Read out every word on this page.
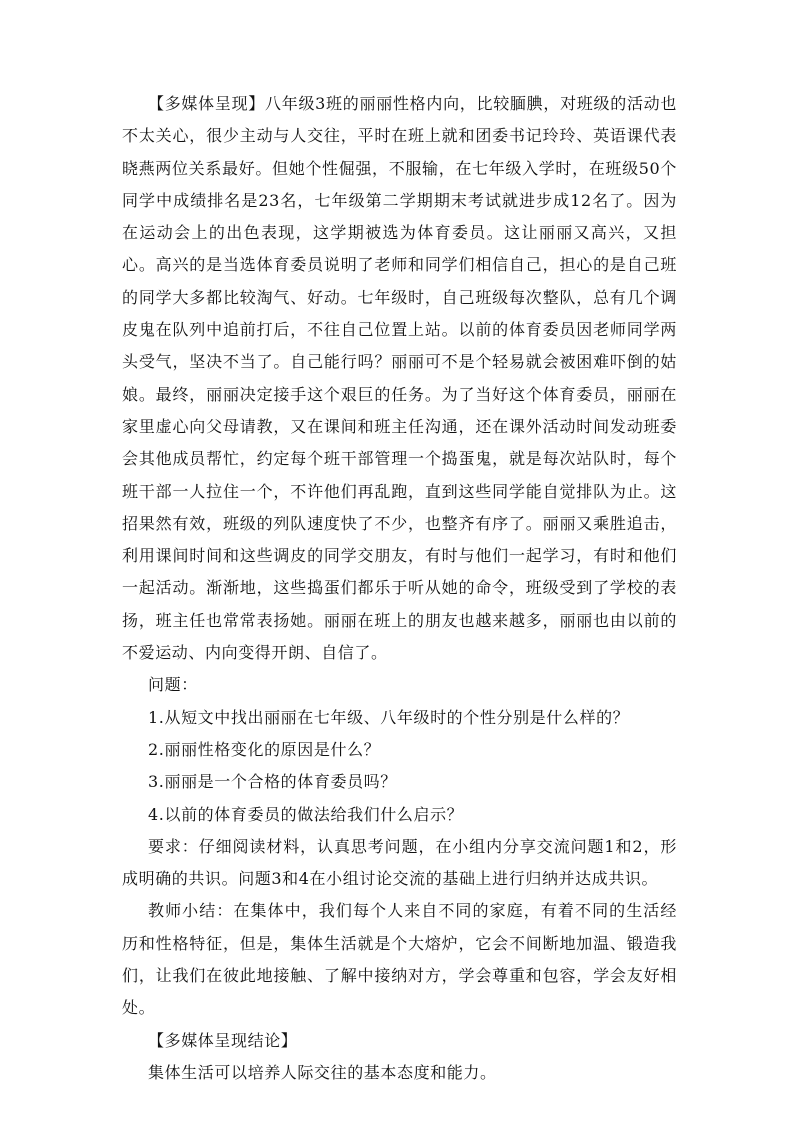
【多媒体呈现】八年级3班的丽丽性格内向，比较腼腆，对班级的活动也不太关心，很少主动与人交往，平时在班上就和团委书记玲玲、英语课代表晓燕两位关系最好。但她个性倔强，不服输，在七年级入学时，在班级50个同学中成绩排名是23名，七年级第二学期期末考试就进步成12名了。因为在运动会上的出色表现，这学期被选为体育委员。这让丽丽又高兴，又担心。高兴的是当选体育委员说明了老师和同学们相信自己，担心的是自己班的同学大多都比较淘气、好动。七年级时，自己班级每次整队，总有几个调皮鬼在队列中追前打后，不往自己位置上站。以前的体育委员因老师同学两头受气，坚决不当了。自己能行吗？丽丽可不是个轻易就会被困难吓倒的姑娘。最终，丽丽决定接手这个艰巨的任务。为了当好这个体育委员，丽丽在家里虚心向父母请教，又在课间和班主任沟通，还在课外活动时间发动班委会其他成员帮忙，约定每个班干部管理一个捣蛋鬼，就是每次站队时，每个班干部一人拉住一个，不许他们再乱跑，直到这些同学能自觉排队为止。这招果然有效，班级的列队速度快了不少，也整齐有序了。丽丽又乘胜追击，利用课间时间和这些调皮的同学交朋友，有时与他们一起学习，有时和他们一起活动。渐渐地，这些捣蛋们都乐于听从她的命令，班级受到了学校的表扬，班主任也常常表扬她。丽丽在班上的朋友也越来越多，丽丽也由以前的不爱运动、内向变得开朗、自信了。

问题：

1.从短文中找出丽丽在七年级、八年级时的个性分别是什么样的？

2.丽丽性格变化的原因是什么？

3.丽丽是一个合格的体育委员吗？

4.以前的体育委员的做法给我们什么启示？

要求：仔细阅读材料，认真思考问题，在小组内分享交流问题1和2，形成明确的共识。问题3和4在小组讨论交流的基础上进行归纳并达成共识。

教师小结：在集体中，我们每个人来自不同的家庭，有着不同的生活经历和性格特征，但是，集体生活就是个大熔炉，它会不间断地加温、锻造我们，让我们在彼此地接触、了解中接纳对方，学会尊重和包容，学会友好相处。

【多媒体呈现结论】

集体生活可以培养人际交往的基本态度和能力。
